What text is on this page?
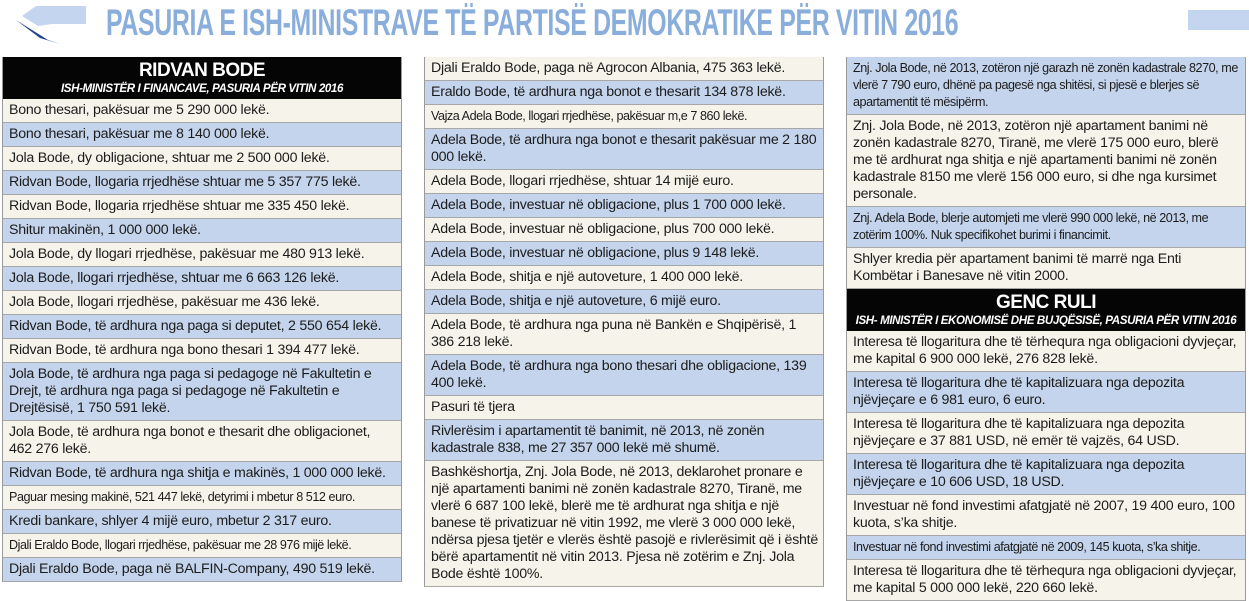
PASURIA E ISH-MINISTRAVE TË PARTISË DEMOKRATIKE PËR VITIN 2016
RIDVAN BODE
ISH-MINISTËR I FINANCAVE, PASURIA PËR VITIN 2016
Bono thesari, pakësuar me 5 290 000 lekë.
Bono thesari, pakësuar me 8 140 000 lekë.
Jola Bode, dy obligacione, shtuar me 2 500 000 lekë.
Ridvan Bode, llogaria rrjedhëse shtuar me 5 357 775 lekë.
Ridvan Bode, llogaria rrjedhëse shtuar me 335 450 lekë.
Shitur makinën, 1 000 000 lekë.
Jola Bode, dy llogari rrjedhëse, pakësuar me 480 913 lekë.
Jola Bode, llogari rrjedhëse, shtuar me 6 663 126 lekë.
Jola Bode, llogari rrjedhëse, pakësuar me 436 lekë.
Ridvan Bode, të ardhura nga paga si deputet, 2 550 654 lekë.
Ridvan Bode, të ardhura nga bono thesari 1 394 477 lekë.
Jola Bode, të ardhura nga paga si pedagoge në Fakultetin e Drejt, të ardhura nga paga si pedagoge në Fakultetin e Drejtësisë, 1 750 591 lekë.
Jola Bode, të ardhura nga bonot e thesarit dhe obligacionet, 462 276 lekë.
Ridvan Bode, të ardhura nga shitja e makinës, 1 000 000 lekë.
Paguar mesing makinë, 521 447 lekë, detyrimi i mbetur 8 512 euro.
Kredi bankare, shlyer 4 mijë euro, mbetur 2 317 euro.
Djali Eraldo Bode, llogari rrjedhëse, pakësuar me 28 976 mijë lekë.
Djali Eraldo Bode, paga në BALFIN-Company, 490 519 lekë.
Djali Eraldo Bode, paga në Agrocon Albania, 475 363 lekë.
Eraldo Bode, të ardhura nga bonot e thesarit 134 878 lekë.
Vajza Adela Bode, llogari rrjedhëse, pakësuar m,e 7 860 lekë.
Adela Bode, të ardhura nga bonot e thesarit pakësuar me 2 180 000 lekë.
Adela Bode, llogari rrjedhëse, shtuar 14 mijë euro.
Adela Bode, investuar në obligacione, plus 1 700 000 lekë.
Adela Bode, investuar në obligacione, plus 700 000 lekë.
Adela Bode, investuar në obligacione, plus 9 148 lekë.
Adela Bode, shitja e një autoveture, 1 400 000 lekë.
Adela Bode, shitja e një autoveture, 6 mijë euro.
Adela Bode, të ardhura nga puna në Bankën e Shqipërisë, 1 386 218 lekë.
Adela Bode, të ardhura nga bono thesari dhe obligacione, 139 400 lekë.
Pasuri të tjera
Rivlerësim i apartamentit të banimit, në 2013, në zonën kadastrale 838, me 27 357 000 lekë më shumë.
Bashkëshortja, Znj. Jola Bode, në 2013, deklarohet pronare e një apartamenti banimi në zonën kadastrale 8270, Tiranë, me vlerë 6 687 100 lekë, blerë me të ardhurat nga shitja e një banese të privatizuar në vitin 1992, me vlerë 3 000 000 lekë, ndërsa pjesa tjetër e vlerës është pasojë e rivlerësimit që i është bërë apartamentit në vitin 2013. Pjesa në zotërim e Znj. Jola Bode është 100%.
Znj. Jola Bode, në 2013, zotëron një garazh në zonën kadastrale 8270, me vlerë 7 790 euro, dhënë pa pagesë nga shitësi, si pjesë e blerjes së apartamentit të mësipërm.
Znj. Jola Bode, në 2013, zotëron një apartament banimi në zonën kadastrale 8270, Tiranë, me vlerë 175 000 euro, blerë me të ardhurat nga shitja e një apartamenti banimi në zonën kadastrale 8150 me vlerë 156 000 euro, si dhe nga kursimet personale.
Znj. Adela Bode, blerje automjeti me vlerë 990 000 lekë, në 2013, me zotërim 100%. Nuk specifikohet burimi i financimit.
Shlyer kredia për apartament banimi të marrë nga Enti Kombëtar i Banesave në vitin 2000.
GENC RULI
ISH- MINISTËR I EKONOMISË DHE BUJQËSISË, PASURIA PËR VITIN 2016
Interesa të llogaritura dhe të tërhequra nga obligacioni dyvjeçar, me kapital 6 900 000 lekë, 276 828 lekë.
Interesa të llogaritura dhe të kapitalizuara nga depozita njëvjeçare e 6 981 euro, 6 euro.
Interesa të llogaritura dhe të kapitalizuara nga depozita njëvjeçare e 37 881 USD, në emër të vajzës, 64 USD.
Interesa të llogaritura dhe të kapitalizuara nga depozita njëvjeçare e 10 606 USD, 18 USD.
Investuar në fond investimi afatgjatë në 2007, 19 400 euro, 100 kuota, s’ka shitje.
Investuar në fond investimi afatgjatë në 2009, 145 kuota, s’ka shitje.
Interesa të llogaritura dhe të tërhequra nga obligacioni dyvjeçar, me kapital 5 000 000 lekë, 220 660 lekë.
